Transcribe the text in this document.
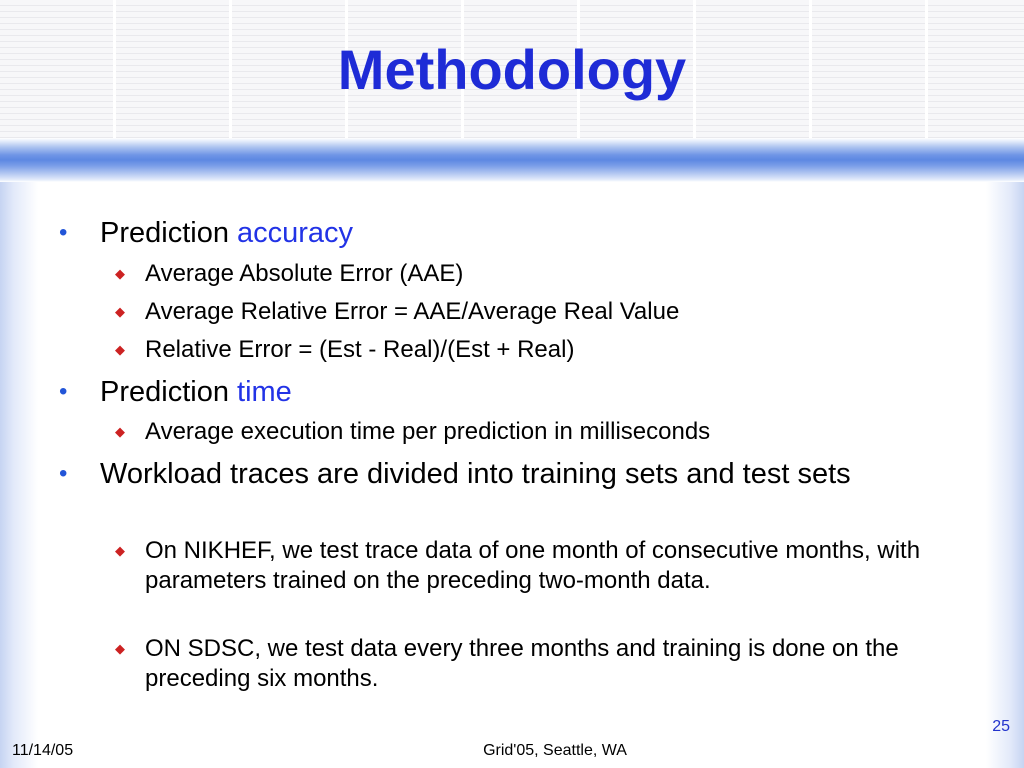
Methodology
• Prediction accuracy

◆ Average Absolute Error (AAE)

◆ Average Relative Error = AAE/Average Real Value

◆ Relative Error = (Est - Real)/(Est + Real)

• Prediction time

◆ Average execution time per prediction in milliseconds

• Workload traces are divided into training sets and test sets

◆ On NIKHEF, we test trace data of one month of consecutive months, with parameters trained on the preceding two-month data.

◆ ON SDSC, we test data every three months and training is done on the preceding six months.

25
11/14/05	Grid'05, Seattle, WA
